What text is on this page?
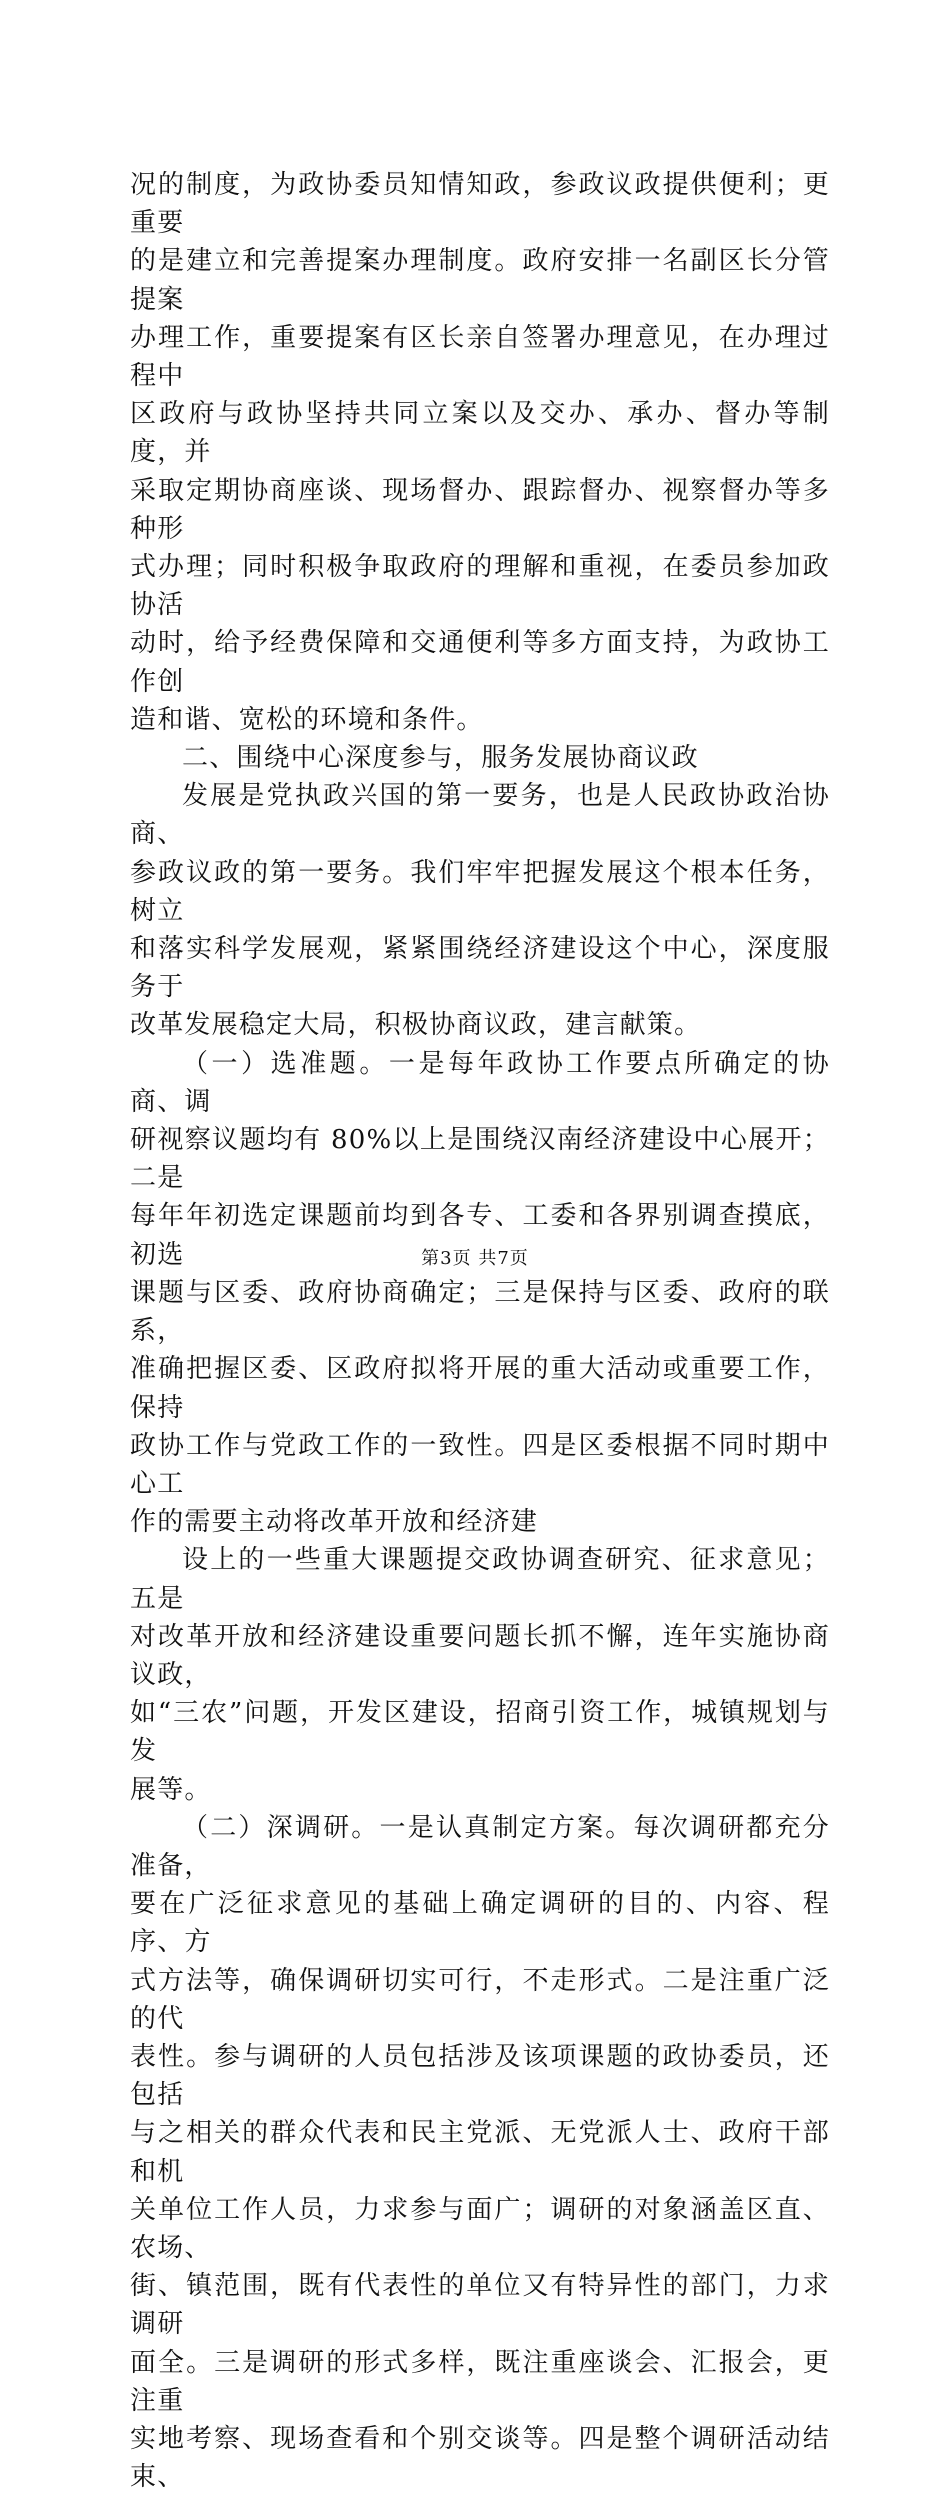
况的制度，为政协委员知情知政，参政议政提供便利；更重要
的是建立和完善提案办理制度。政府安排一名副区长分管提案
办理工作，重要提案有区长亲自签署办理意见，在办理过程中
区政府与政协坚持共同立案以及交办、承办、督办等制度，并
采取定期协商座谈、现场督办、跟踪督办、视察督办等多种形
式办理；同时积极争取政府的理解和重视，在委员参加政协活
动时，给予经费保障和交通便利等多方面支持，为政协工作创
造和谐、宽松的环境和条件。

二、围绕中心深度参与，服务发展协商议政

发展是党执政兴国的第一要务，也是人民政协政治协商、
参政议政的第一要务。我们牢牢把握发展这个根本任务，树立
和落实科学发展观，紧紧围绕经济建设这个中心，深度服务于
改革发展稳定大局，积极协商议政，建言献策。

（一）选准题。一是每年政协工作要点所确定的协商、调
研视察议题均有 80%以上是围绕汉南经济建设中心展开；二是
每年年初选定课题前均到各专、工委和各界别调查摸底，初选
课题与区委、政府协商确定；三是保持与区委、政府的联系，
准确把握区委、区政府拟将开展的重大活动或重要工作，保持
政协工作与党政工作的一致性。四是区委根据不同时期中心工
作的需要主动将改革开放和经济建

设上的一些重大课题提交政协调查研究、征求意见；五是
对改革开放和经济建设重要问题长抓不懈，连年实施协商议政，
如“三农”问题，开发区建设，招商引资工作，城镇规划与发
展等。

（二）深调研。一是认真制定方案。每次调研都充分准备，
要在广泛征求意见的基础上确定调研的目的、内容、程序、方
式方法等，确保调研切实可行，不走形式。二是注重广泛的代
表性。参与调研的人员包括涉及该项课题的政协委员，还包括
与之相关的群众代表和民主党派、无党派人士、政府干部和机
关单位工作人员，力求参与面广；调研的对象涵盖区直、农场、
街、镇范围，既有代表性的单位又有特异性的部门，力求调研
面全。三是调研的形式多样，既注重座谈会、汇报会，更注重
实地考察、现场查看和个别交谈等。四是整个调研活动结束、

第3页 共7页
